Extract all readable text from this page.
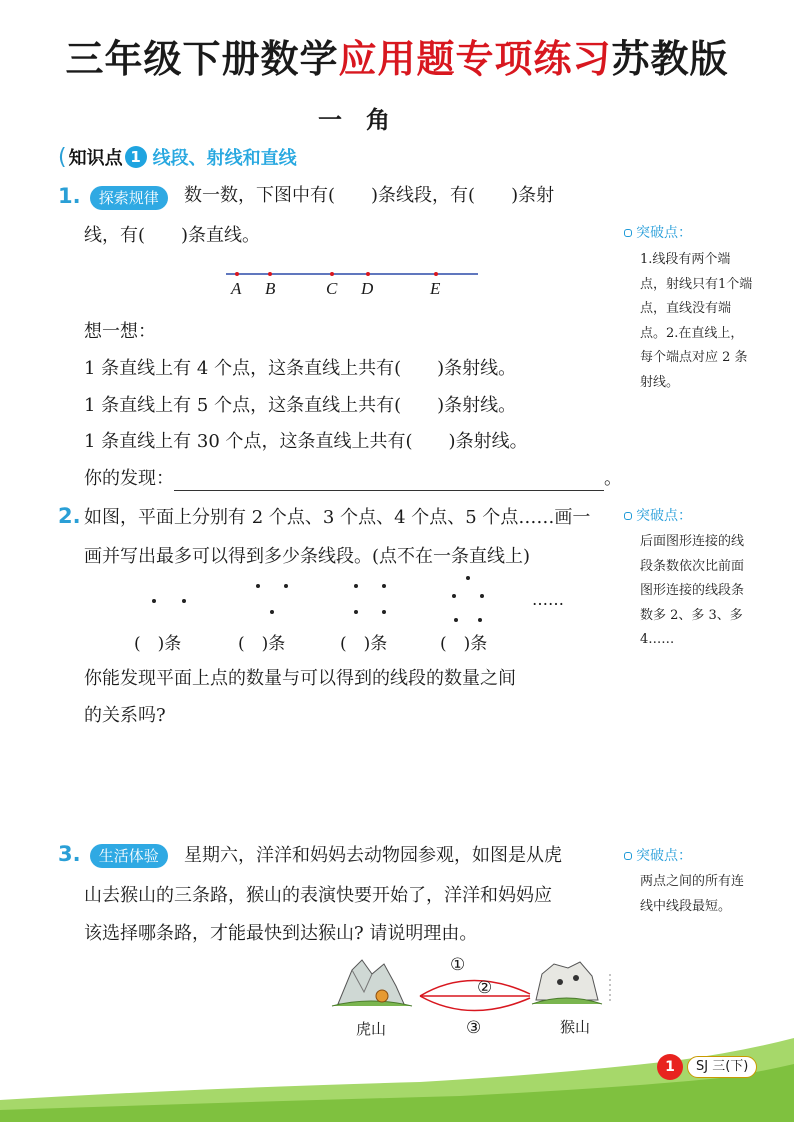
三年级下册数学应用题专项练习苏教版
一　角
( 知识点 1 线段、射线和直线
1. 探索规律	数一数，下图中有(　　)条线段，有(　　)条射
线，有(　　)条直线。
A B	C D	E
想一想：
1 条直线上有 4 个点，这条直线上共有(　　)条射线。
1 条直线上有 5 个点，这条直线上共有(　　)条射线。
1 条直线上有 30 个点，这条直线上共有(　　)条射线。
你的发现：	。
突破点：
1.线段有两个端点，射线只有1个端点，直线没有端点。2.在直线上，每个端点对应 2 条射线。
2. 如图，平面上分别有 2 个点、3 个点、4 个点、5 个点……画一
画并写出最多可以得到多少条线段。(点不在一条直线上)
……
(　)条	(　)条	(　)条	(　)条
你能发现平面上点的数量与可以得到的线段的数量之间
的关系吗?
突破点：
后面图形连接的线段条数依次比前面图形连接的线段条数多 2、多 3、多 4……
3. 生活体验	星期六，洋洋和妈妈去动物园参观，如图是从虎
山去猴山的三条路，猴山的表演快要开始了，洋洋和妈妈应
该选择哪条路，才能最快到达猴山? 请说明理由。
突破点：
两点之间的所有连线中线段最短。
①
②
③
虎山	猴山
1	SJ 三(下)
